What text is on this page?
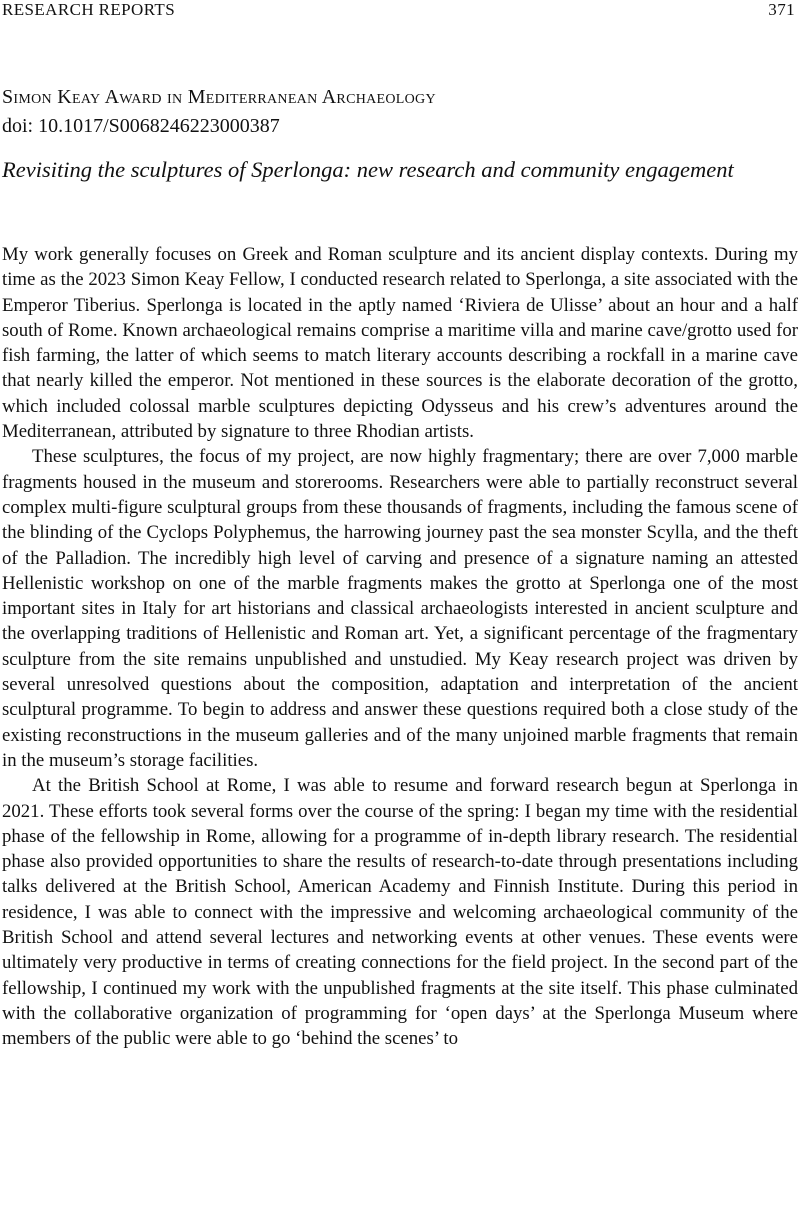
RESEARCH REPORTS	371
Simon Keay Award in Mediterranean Archaeology
doi: 10.1017/S0068246223000387
Revisiting the sculptures of Sperlonga: new research and community engagement

My work generally focuses on Greek and Roman sculpture and its ancient display contexts. During my time as the 2023 Simon Keay Fellow, I conducted research related to Sperlonga, a site associated with the Emperor Tiberius. Sperlonga is located in the aptly named ‘Riviera de Ulisse’ about an hour and a half south of Rome. Known archaeological remains comprise a maritime villa and marine cave/grotto used for fish farming, the latter of which seems to match literary accounts describing a rockfall in a marine cave that nearly killed the emperor. Not mentioned in these sources is the elaborate decoration of the grotto, which included colossal marble sculptures depicting Odysseus and his crew’s adventures around the Mediterranean, attributed by signature to three Rhodian artists.

These sculptures, the focus of my project, are now highly fragmentary; there are over 7,000 marble fragments housed in the museum and storerooms. Researchers were able to partially reconstruct several complex multi-figure sculptural groups from these thousands of fragments, including the famous scene of the blinding of the Cyclops Polyphemus, the harrowing journey past the sea monster Scylla, and the theft of the Palladion. The incredibly high level of carving and presence of a signature naming an attested Hellenistic workshop on one of the marble fragments makes the grotto at Sperlonga one of the most important sites in Italy for art historians and classical archaeologists interested in ancient sculpture and the overlapping traditions of Hellenistic and Roman art. Yet, a significant percentage of the fragmentary sculpture from the site remains unpublished and unstudied. My Keay research project was driven by several unresolved questions about the composition, adaptation and interpretation of the ancient sculptural programme. To begin to address and answer these questions required both a close study of the existing reconstructions in the museum galleries and of the many unjoined marble fragments that remain in the museum’s storage facilities.

At the British School at Rome, I was able to resume and forward research begun at Sperlonga in 2021. These efforts took several forms over the course of the spring: I began my time with the residential phase of the fellowship in Rome, allowing for a programme of in-depth library research. The residential phase also provided opportunities to share the results of research-to-date through presentations including talks delivered at the British School, American Academy and Finnish Institute. During this period in residence, I was able to connect with the impressive and welcoming archaeological community of the British School and attend several lectures and networking events at other venues. These events were ultimately very productive in terms of creating connections for the field project. In the second part of the fellowship, I continued my work with the unpublished fragments at the site itself. This phase culminated with the collaborative organization of programming for ‘open days’ at the Sperlonga Museum where members of the public were able to go ‘behind the scenes’ to
